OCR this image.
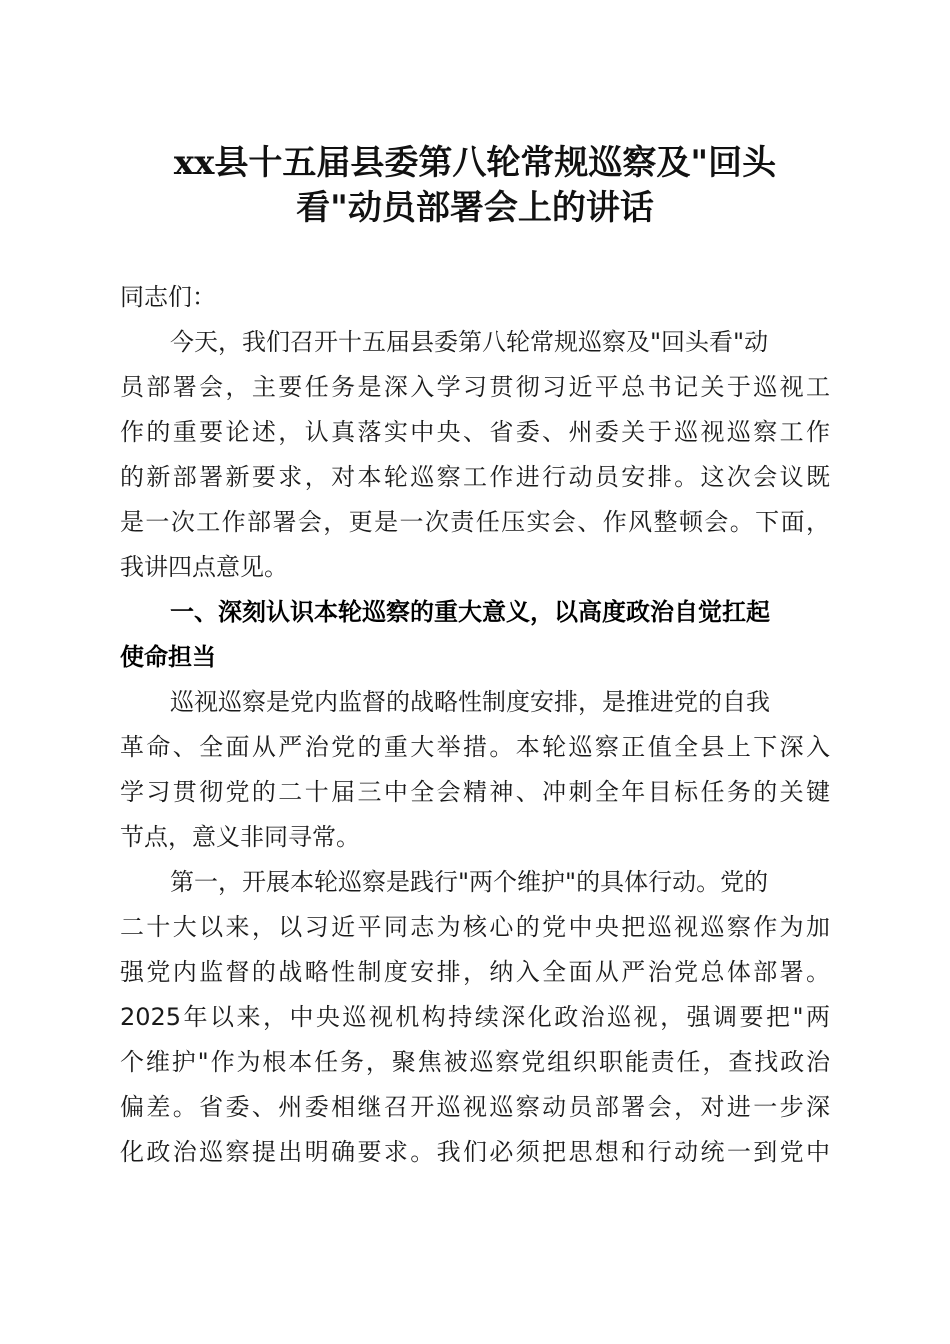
xx县十五届县委第八轮常规巡察及"回头
看"动员部署会上的讲话
同志们：
今天，我们召开十五届县委第八轮常规巡察及"回头看"动
员部署会，主要任务是深入学习贯彻习近平总书记关于巡视工
作的重要论述，认真落实中央、省委、州委关于巡视巡察工作
的新部署新要求，对本轮巡察工作进行动员安排。这次会议既
是一次工作部署会，更是一次责任压实会、作风整顿会。下面，
我讲四点意见。
一、深刻认识本轮巡察的重大意义，以高度政治自觉扛起
使命担当
巡视巡察是党内监督的战略性制度安排，是推进党的自我
革命、全面从严治党的重大举措。本轮巡察正值全县上下深入
学习贯彻党的二十届三中全会精神、冲刺全年目标任务的关键
节点，意义非同寻常。
第一，开展本轮巡察是践行"两个维护"的具体行动。党的
二十大以来，以习近平同志为核心的党中央把巡视巡察作为加
强党内监督的战略性制度安排，纳入全面从严治党总体部署。
2025年以来，中央巡视机构持续深化政治巡视，强调要把"两
个维护"作为根本任务，聚焦被巡察党组织职能责任，查找政治
偏差。省委、州委相继召开巡视巡察动员部署会，对进一步深
化政治巡察提出明确要求。我们必须把思想和行动统一到党中
